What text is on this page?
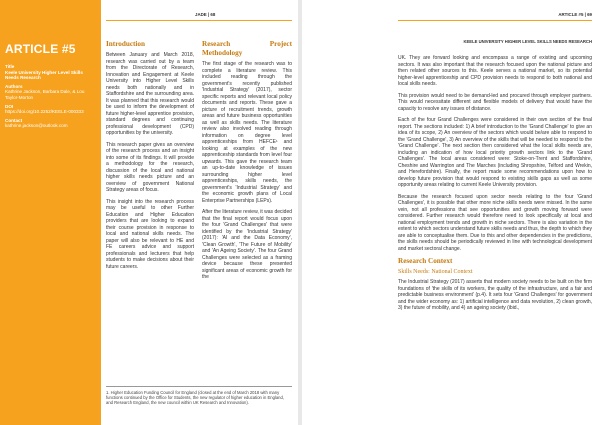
ARTICLE #5

Title
Keele University Higher Level Skills Needs Research

Authors
Kathrine Jackson, Barbara Dale, & Lou Taylor-Morton

DOI
https://doi.org/10.2252/KEELE-000333

Contact
kathrine.jackson@outlook.com

JADE | 68
Introduction

Between January and March 2018, research was carried out by a team from the Directorate of Research, Innovation and Engagement at Keele University into Higher Level Skills needs both nationally and in Staffordshire and the surrounding area. It was planned that this research would be used to inform the development of future higher-level apprentice provision, standard degrees and continuing professional development (CPD) opportunities by the university.

This research paper gives an overview of the research process and an insight into some of its findings. It will provide a methodology for the research, discussion of the local and national higher skills needs picture and an overview of government National Strategy areas of focus.

This insight into the research process may be useful to other Further Education and Higher Education providers that are looking to expand their course provision in response to local and national skills needs. The paper will also be relevant to HE and FE careers advice and support professionals and lecturers that help students to make decisions about their future careers.

Research Project Methodology

The first stage of the research was to complete a literature review. This included reading through the government's recently published 'Industrial Strategy' (2017), sector specific reports and relevant local policy documents and reports. These gave a picture of recruitment trends, growth areas and future business opportunities as well as skills needs. The literature review also involved reading through information on degree level apprenticeships from HEFCE¹ and looking at examples of the new apprenticeship standards from level four upwards. This gave the research team an up-to-date knowledge of issues surrounding higher level apprenticeships, skills needs, the government's 'Industrial Strategy' and the economic growth plans of Local Enterprise Partnerships (LEPs).

After the literature review, it was decided that the final report would focus upon the four 'Grand Challenges' that were identified by the 'Industrial Strategy' (2017): 'AI and the Data Economy', 'Clean Growth', 'The Future of Mobility' and 'An Ageing Society'. The four Grand Challenges were selected as a framing device because these presented significant areas of economic growth for the

1. Higher Education Funding Council for England (closed at the end of March 2018 with many functions continued by the Office for Students, the new regulator of higher education in England, and Research England, the new council within UK Research and Innovation).
ARTICLE #5 | 69
KEELE UNIVERSITY HIGHER LEVEL SKILLS NEEDS RESEARCH

UK. They are forward looking and encompass a range of existing and upcoming sectors. It was also important that the research focused upon the national picture and then related other sources to this. Keele serves a national market, so its potential higher-level apprenticeship and CPD provision needs to respond to both national and local skills needs.

This provision would need to be demand-led and procured through employer partners. This would necessitate different and flexible models of delivery that would have the capacity to resolve any issues of distance.

Each of the four Grand Challenges were considered in their own section of the final report. The sections included: 1) A brief introduction to the 'Grand Challenge' to give an idea of its scope, 2) An overview of the sectors which would be/are able to respond to the 'Grand Challenge', 3) An overview of the skills that will be needed to respond to the 'Grand Challenge'. The next section then considered what the local skills needs are, including an indication of how local priority growth sectors link to the 'Grand Challenges'. The local areas considered were: Stoke-on-Trent and Staffordshire, Cheshire and Warrington and The Marches (including Shropshire, Telford and Wrekin, and Herefordshire). Finally, the report made some recommendations upon how to develop future provision that would respond to existing skills gaps as well as some opportunity areas relating to current Keele University provision.

Because the research focused upon sector needs relating to the four 'Grand Challenges', it is possible that other more niche skills needs were missed. In the same vein, not all professions that see opportunities and growth moving forward were considered. Further research would therefore need to look specifically at local and national employment trends and growth in niche sectors. There is also variation in the extent to which sectors understand future skills needs and thus, the depth to which they are able to conceptualise them. Due to this and other dependencies in the predictions, the skills needs should be periodically reviewed in line with technological development and market sectoral change.

Research Context
Skills Needs: National Context

The Industrial Strategy (2017) asserts that modern society needs to be built on the firm foundations of 'the skills of its workers, the quality of the infrastructure, and a fair and predictable business environment' (p.4). It sets four 'Grand Challenges' for government and the wider economy as: 1) artificial intelligence and data revolution, 2) clean growth, 3) the future of mobility, and 4) an ageing society (ibid.,
